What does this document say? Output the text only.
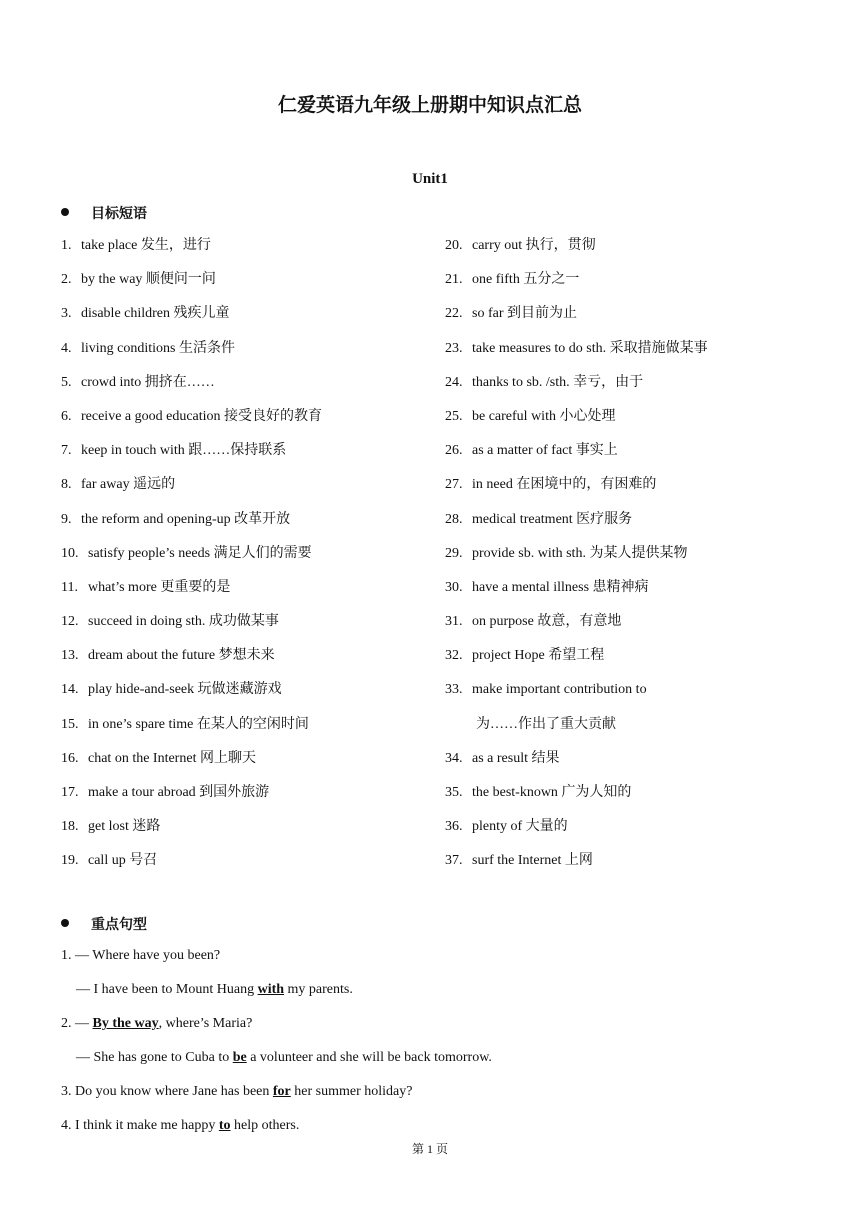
仁爱英语九年级上册期中知识点汇总
Unit1
目标短语
1. take place 发生，进行
2. by the way 顺便问一问
3. disable children 残疾儿童
4. living conditions 生活条件
5. crowd into 拥挤在……
6. receive a good education 接受良好的教育
7. keep in touch with 跟……保持联系
8. far away 遥远的
9. the reform and opening-up 改革开放
10. satisfy people’s needs 满足人们的需要
11. what’s more 更重要的是
12. succeed in doing sth. 成功做某事
13. dream about the future 梦想未来
14. play hide-and-seek 玩做迷藏游戏
15. in one’s spare time 在某人的空闲时间
16. chat on the Internet 网上聊天
17. make a tour abroad 到国外旅游
18. get lost 迷路
19. call up 号召
20. carry out 执行，贯彻
21. one fifth 五分之一
22. so far 到目前为止
23. take measures to do sth. 采取措施做某事
24. thanks to sb. /sth. 幸亏，由于
25. be careful with 小心处理
26. as a matter of fact 事实上
27. in need 在困境中的，有困难的
28. medical treatment 医疗服务
29. provide sb. with sth. 为某人提供某物
30. have a mental illness 患精神病
31. on purpose 故意，有意地
32. project Hope 希望工程
33. make important contribution to
为……作出了重大贡献
34. as a result 结果
35. the best-known 广为人知的
36. plenty of 大量的
37. surf the Internet 上网
重点句型
1. — Where have you been?
— I have been to Mount Huang with my parents.
2. — By the way, where’s Maria?
— She has gone to Cuba to be a volunteer and she will be back tomorrow.
3. Do you know where Jane has been for her summer holiday?
4. I think it make me happy to help others.
第 1 页
